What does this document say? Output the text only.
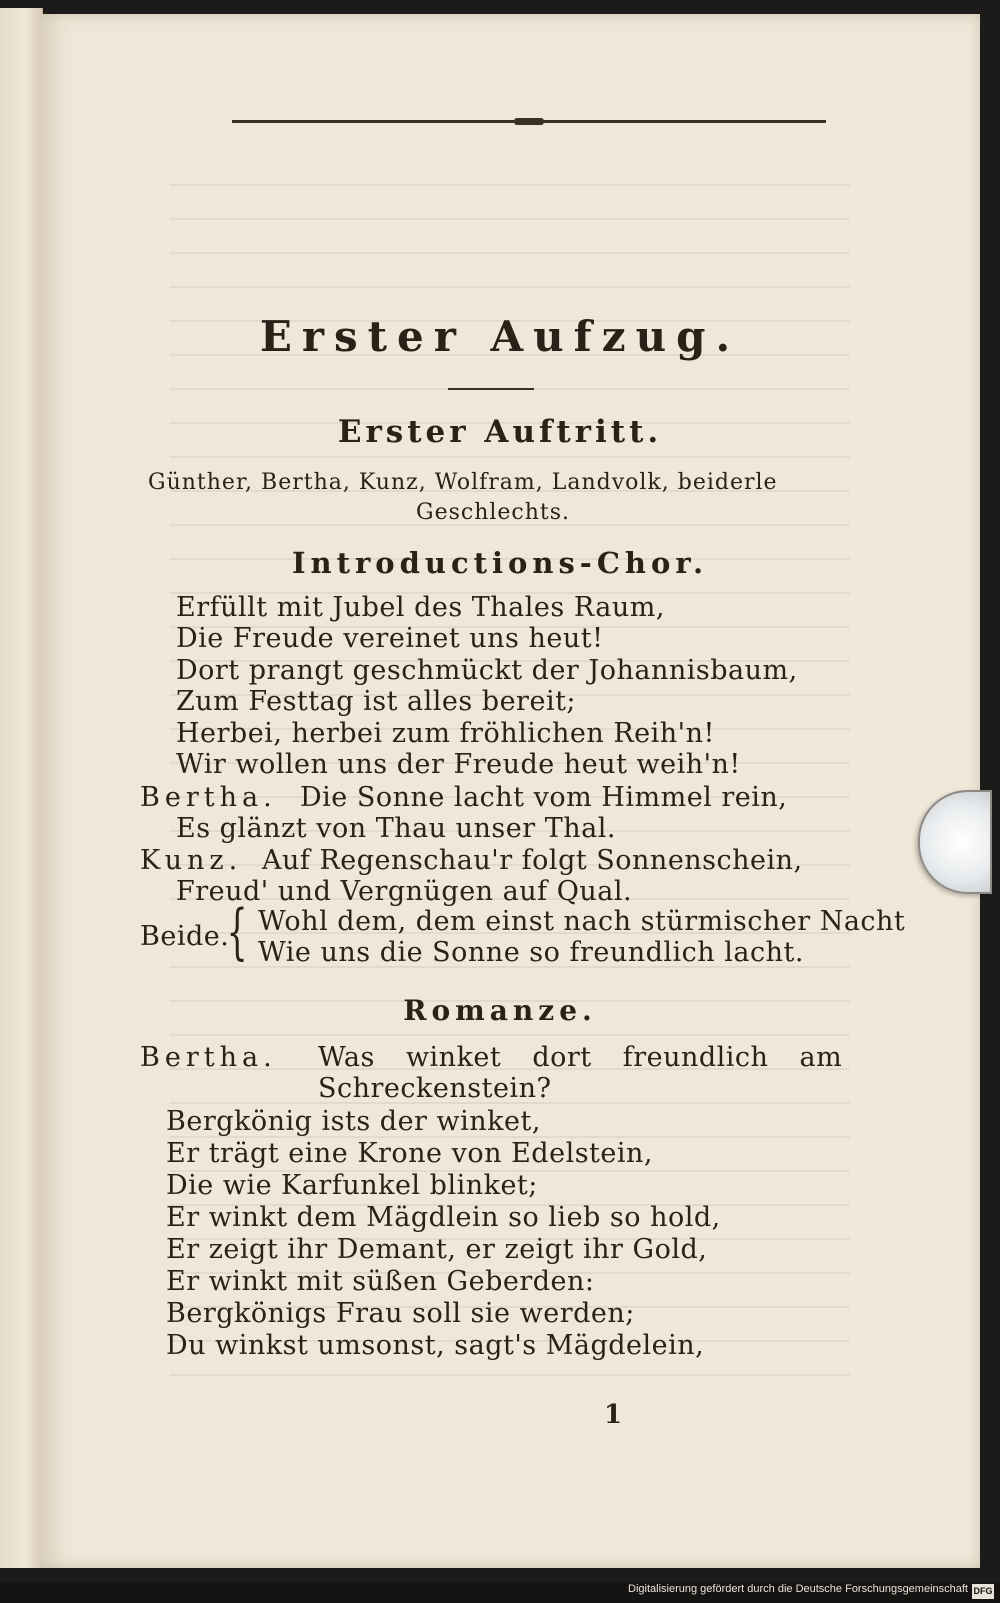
Erster Aufzug.
Erster Auftritt.
Günther, Bertha, Kunz, Wolfram, Landvolk, beiderle
Geschlechts.
Introductions-Chor.
Erfüllt mit Jubel des Thales Raum,
Die Freude vereinet uns heut!
Dort prangt geschmückt der Johannisbaum,
Zum Festtag ist alles bereit;
Herbei, herbei zum fröhlichen Reih'n!
Wir wollen uns der Freude heut weih'n!
Bertha. Die Sonne lacht vom Himmel rein,
Es glänzt von Thau unser Thal.
Kunz. Auf Regenschau'r folgt Sonnenschein,
Freud' und Vergnügen auf Qual.
Beide.
{ Wohl dem, dem einst nach stürmischer Nacht
Wie uns die Sonne so freundlich lacht.
Romanze.
Bertha. Was winket dort freundlich am
Schreckenstein?
Bergkönig ists der winket,
Er trägt eine Krone von Edelstein,
Die wie Karfunkel blinket;
Er winkt dem Mägdlein so lieb so hold,
Er zeigt ihr Demant, er zeigt ihr Gold,
Er winkt mit süßen Geberden:
Bergkönigs Frau soll sie werden;
Du winkst umsonst, sagt's Mägdelein,
1
Digitalisierung gefördert durch die Deutsche Forschungsgemeinschaft DFG
